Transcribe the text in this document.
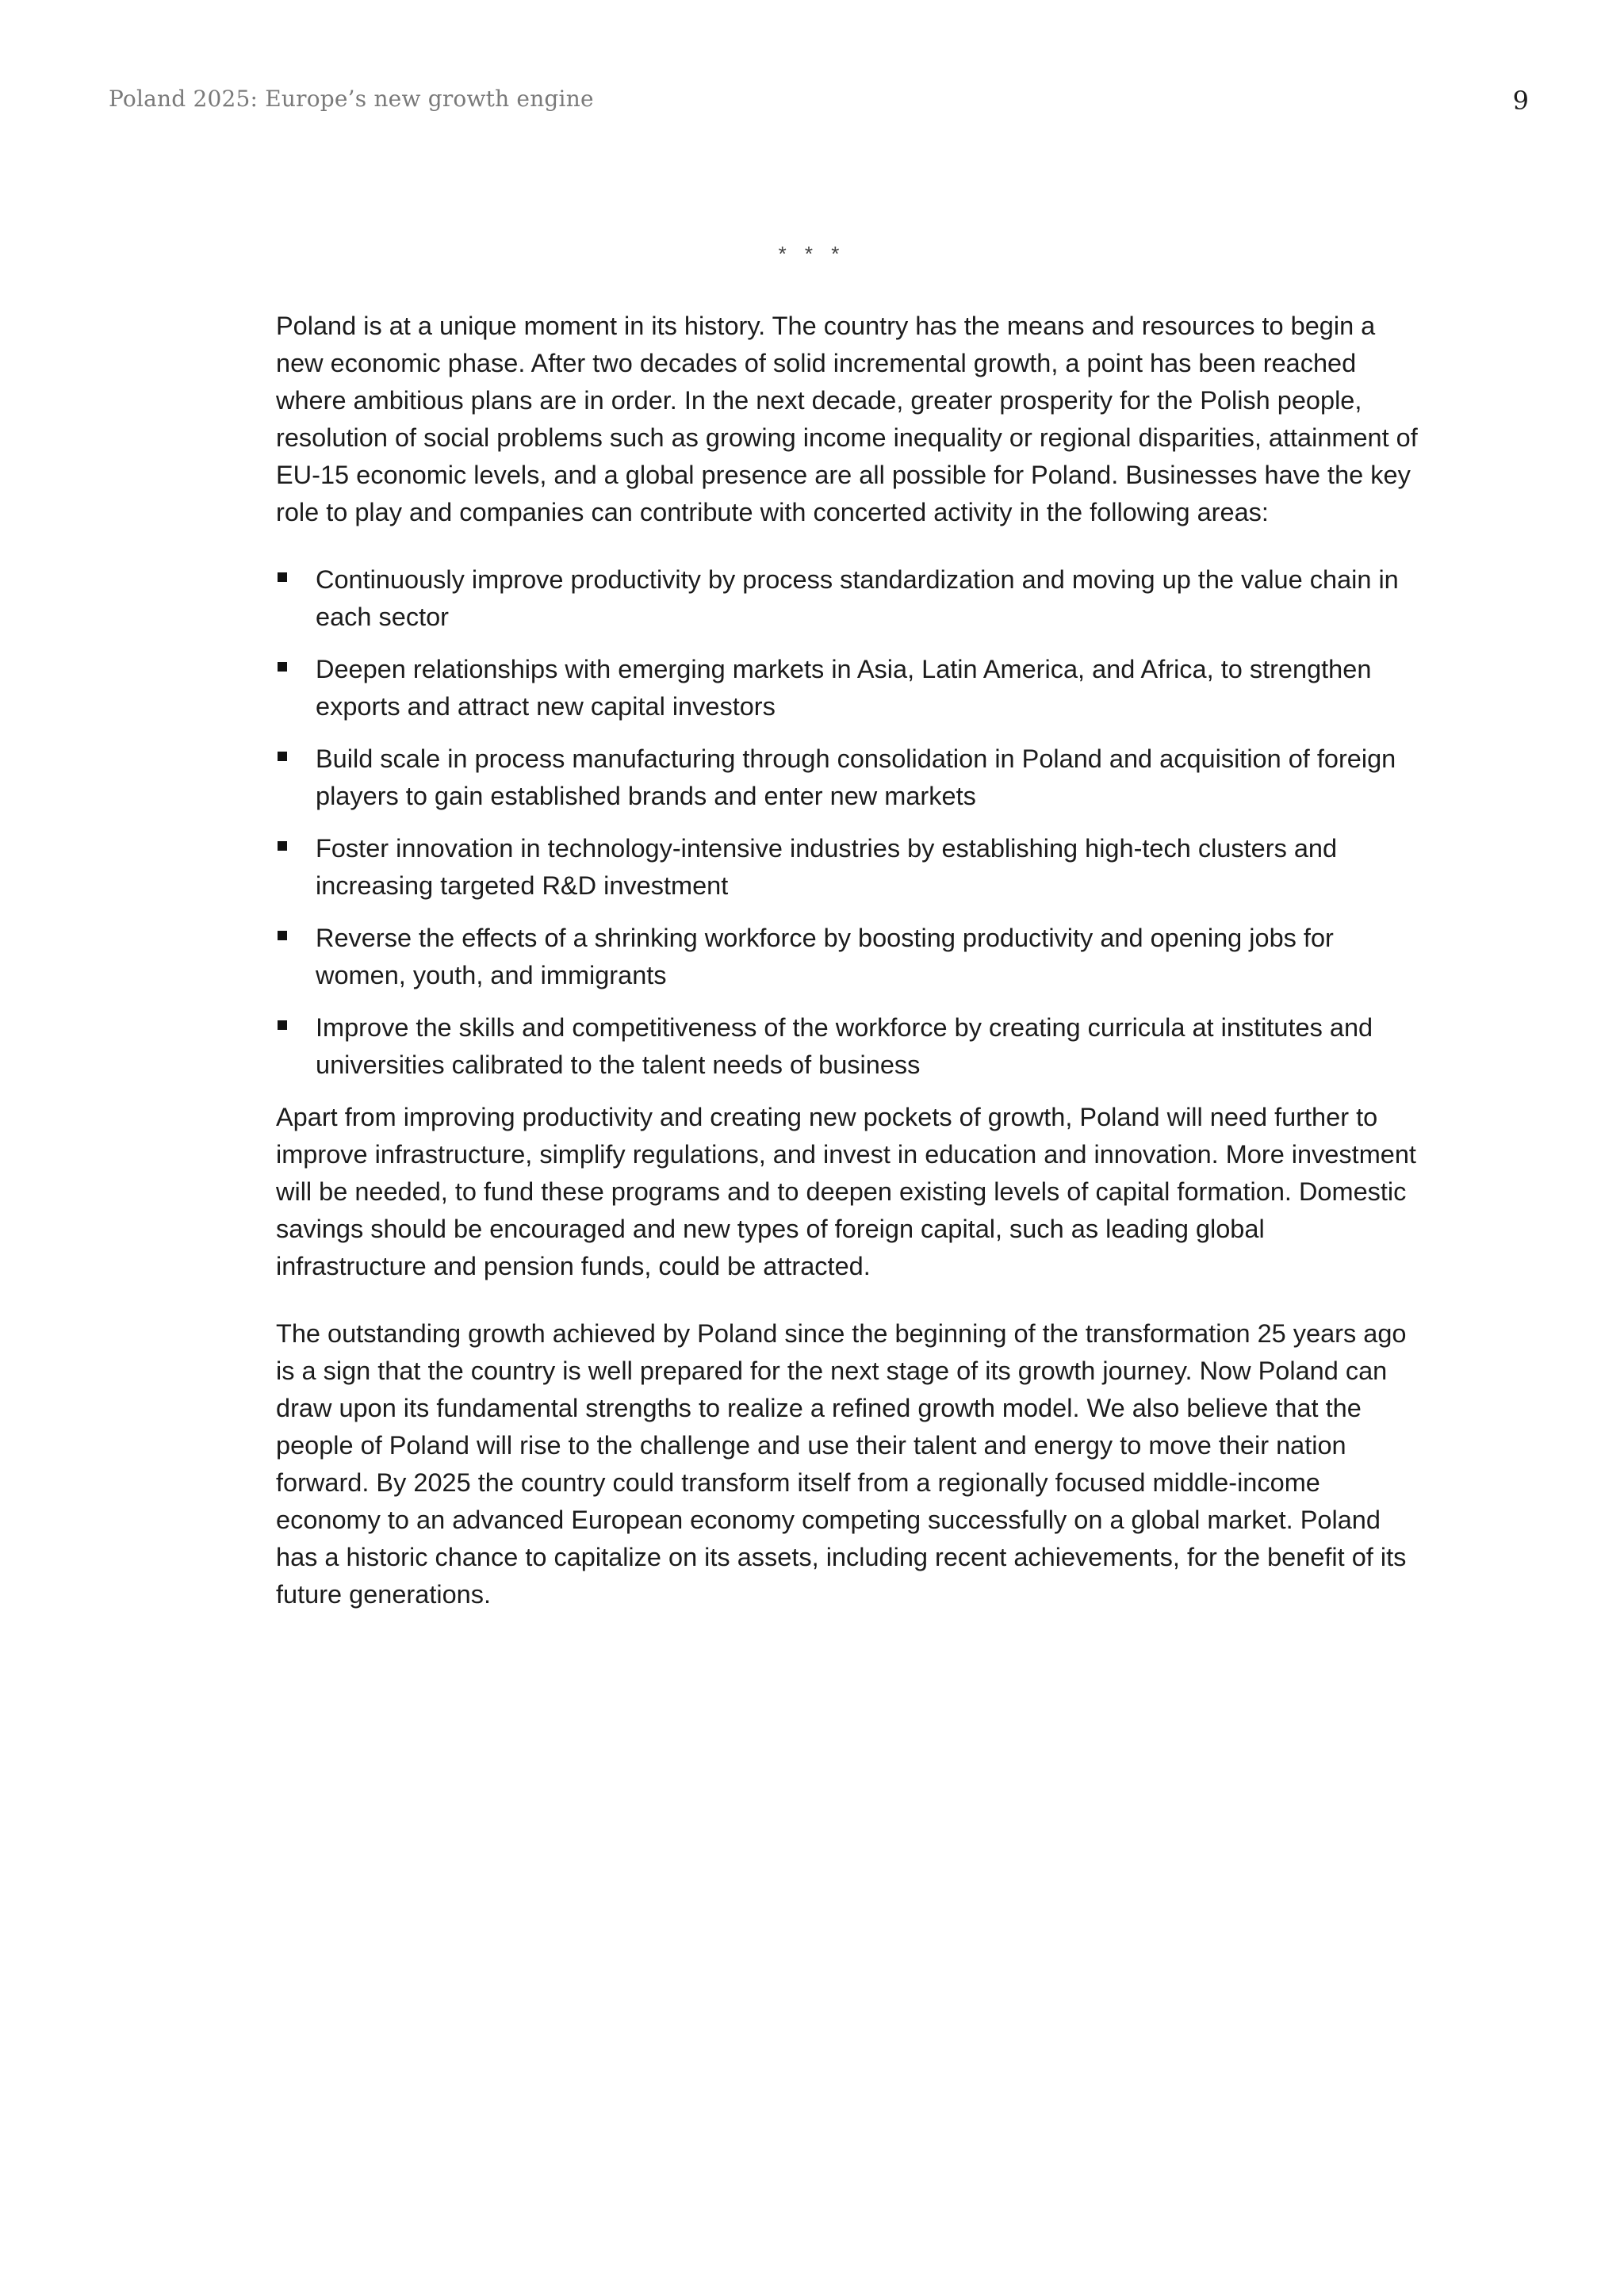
Poland 2025: Europe’s new growth engine	9
* * *

Poland is at a unique moment in its history. The country has the means and resources to begin a new economic phase. After two decades of solid incremental growth, a point has been reached where ambitious plans are in order. In the next decade, greater prosperity for the Polish people, resolution of social problems such as growing income inequality or regional disparities, attainment of EU-15 economic levels, and a global presence are all possible for Poland. Businesses have the key role to play and companies can contribute with concerted activity in the following areas:

Continuously improve productivity by process standardization and moving up the value chain in each sector
Deepen relationships with emerging markets in Asia, Latin America, and Africa, to strengthen exports and attract new capital investors
Build scale in process manufacturing through consolidation in Poland and acquisition of foreign players to gain established brands and enter new markets
Foster innovation in technology-intensive industries by establishing high-tech clusters and increasing targeted R&D investment
Reverse the effects of a shrinking workforce by boosting productivity and opening jobs for women, youth, and immigrants
Improve the skills and competitiveness of the workforce by creating curricula at institutes and universities calibrated to the talent needs of business

Apart from improving productivity and creating new pockets of growth, Poland will need further to improve infrastructure, simplify regulations, and invest in education and innovation. More investment will be needed, to fund these programs and to deepen existing levels of capital formation. Domestic savings should be encouraged and new types of foreign capital, such as leading global infrastructure and pension funds, could be attracted.

The outstanding growth achieved by Poland since the beginning of the transformation 25 years ago is a sign that the country is well prepared for the next stage of its growth journey. Now Poland can draw upon its fundamental strengths to realize a refined growth model. We also believe that the people of Poland will rise to the challenge and use their talent and energy to move their nation forward. By 2025 the country could transform itself from a regionally focused middle-income economy to an advanced European economy competing successfully on a global market. Poland has a historic chance to capitalize on its assets, including recent achievements, for the benefit of its future generations.
